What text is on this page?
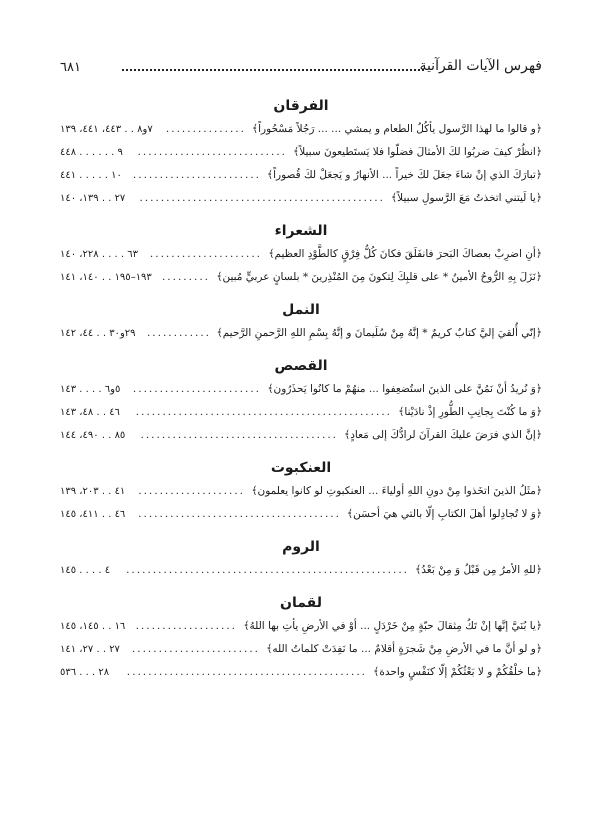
فهرس الآيات القرآنية
٦٨١
الفرقان
﴿و قالوا ما لهذا الرَّسول يأكُلُ الطعام و يمشي ... ... رَجُلاً مَسْحُوراً﴾
...............
٧و٨ . . ٤٤٣، ٤٤١، ١٣٩
﴿انظُرْ كيفَ ضربُوا لكَ الأمثالَ فضلّوا فلا يَستَطيعونَ سبيلاً﴾
............................
٩ . . . . . . ٤٤٨
﴿تبارَكَ الذي إنْ شاءَ جعَلَ لكَ خيراً ... الأنهارُ و يَجعَلْ لكَ قُصوراً﴾
........................
١٠ . . . . . ٤٤١
﴿يا لَيتني اتخذتُ مَعَ الرَّسولِ سبيلاً﴾
..............................................
٢٧ . . ١٣٩، ١٤٠
الشعراء
﴿أنِ اضرِبْ بعصاكَ البَحرَ فانفَلَقَ فكانَ كُلُّ فِرْقٍ كالطَّوْدِ العظيم﴾
.....................
٦٣ . . . . ٢٢٨، ١٤٠
﴿نَزَلَ بِهِ الرُّوحُ الأمينُ * على قلبِكَ لِتكونَ مِنَ المُنْذِرينَ * بلسانٍ عربيٍّ مُبين﴾
.........
١٩٣–١٩٥ . . ١٤٠، ١٤١
النمل
﴿إنّي أُلقيَ إليَّ كتابٌ كريمٌ * إنَّهُ مِنْ سُلَيمانَ و إنَّهُ بِسْمِ اللهِ الرَّحمنِ الرَّحيم﴾
............
٢٩و٣٠ . . ٤٤، ١٤٢
القصص
﴿وَ نُريدُ أنْ نَمُنَّ على الذينَ استُضعِفوا ... منهُمْ ما كانُوا يَحذَرُون﴾
........................
٥و٦ . . . . ١٤٣
﴿وَ ما كُنْتَ بِجانِبِ الطُّورِ إذْ نادَيْنا﴾
................................................
٤٦ . . ٤٨، ١٤٣
﴿إنَّ الذي فرَضَ عليكَ القرآنَ لرادُّكَ إلى مَعادٍ﴾
.....................................
٨٥ . . ٤٩٠، ١٤٤
العنكبوت
﴿مثَلُ الذينَ اتخَذوا مِنْ دونِ اللهِ أولياءَ ... العنكبوتِ لو كانوا يعلمون﴾
....................
٤١ . . ٢٠٣، ١٣٩
﴿وَ لا تُجادِلوا أهلَ الكتابِ إلّا بالتي هيَ أحسَن﴾
......................................
٤٦ . . ٤١١، ١٤٥
الروم
﴿للهِ الأمرُ مِن قَبْلُ وَ مِنْ بَعْدُ﴾
.....................................................
٤ . . . . ١٤٥
لقمان
﴿يا بُنَيَّ إنَّها إنْ تَكُ مِثقالَ حبّةٍ مِنْ خَرْدَلٍ ... أوْ في الأرضِ يأتِ بها اللهُ﴾
...................
١٦ . . ١٤٥، ١٤٥
﴿و لو أنَّ ما في الأرضِ مِنْ شَجرَةٍ أقلامٌ ... ما نَفِدَتْ كلماتُ الله﴾
........................
٢٧ . . ٢٧، ١٤١
﴿ما خلْقُكُمْ و لا بَعْثُكُمْ إلّا كنَفْسٍ واحدة﴾
.............................................
٢٨ . . . ٥٣٦
